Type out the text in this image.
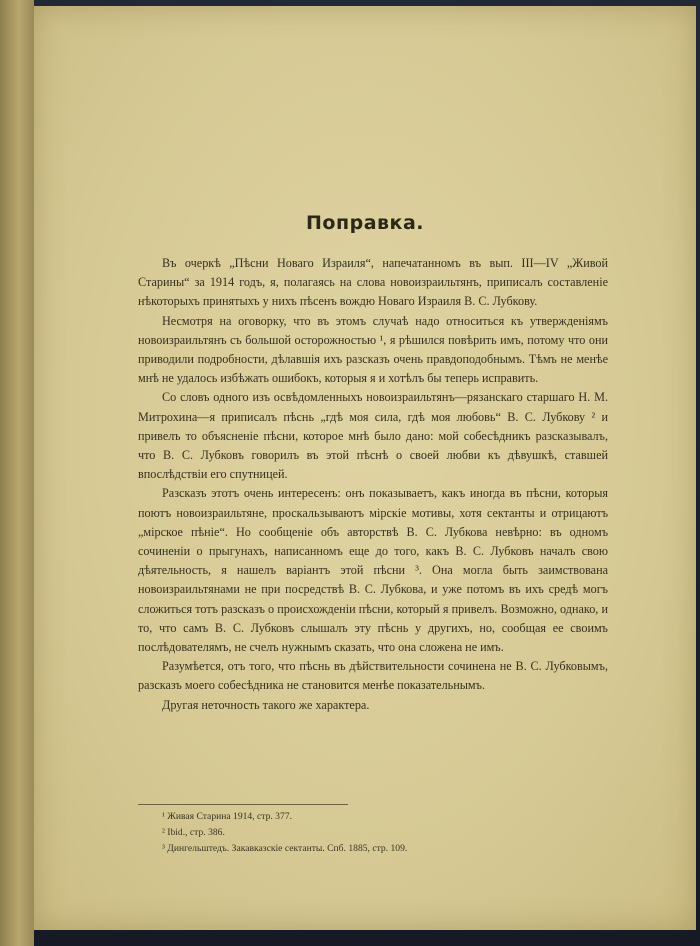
Поправка.

Въ очеркѣ „Пѣсни Новаго Израиля“, напечатанномъ въ вып. III—IV „Живой Старины“ за 1914 годъ, я, полагаясь на слова новоизраильтянъ, приписалъ составленіе нѣкоторыхъ принятыхъ у нихъ пѣсенъ вождю Новаго Израиля В. С. Лубкову.

Несмотря на оговорку, что въ этомъ случаѣ надо относиться къ утвержденіямъ новоизраильтянъ съ большой осторожностью ¹, я рѣшился повѣрить имъ, потому что они приводили подробности, дѣлавшія ихъ разсказъ очень правдоподобнымъ. Тѣмъ не менѣе мнѣ не удалось избѣжать ошибокъ, которыя я и хотѣлъ бы теперь исправить.

Со словъ одного изъ освѣдомленныхъ новоизраильтянъ—рязанскаго старшаго Н. М. Митрохина—я приписалъ пѣснь „гдѣ моя сила, гдѣ моя любовь“ В. С. Лубкову ² и привелъ то объясненіе пѣсни, которое мнѣ было дано: мой собесѣдникъ разсказывалъ, что В. С. Лубковъ говорилъ въ этой пѣснѣ о своей любви къ дѣвушкѣ, ставшей впослѣдствіи его спутницей.

Разсказъ этотъ очень интересенъ: онъ показываетъ, какъ иногда въ пѣсни, которыя поютъ новоизраильтяне, проскальзываютъ мірскіе мотивы, хотя сектанты и отрицаютъ „мірское пѣніе“. Но сообщеніе объ авторствѣ В. С. Лубкова невѣрно: въ одномъ сочиненіи о прыгунахъ, написанномъ еще до того, какъ В. С. Лубковъ началъ свою дѣятельность, я нашелъ варіантъ этой пѣсни ³. Она могла быть заимствована новоизраильтянами не при посредствѣ В. С. Лубкова, и уже потомъ въ ихъ средѣ могъ сложиться тотъ разсказъ о происхожденіи пѣсни, который я привелъ. Возможно, однако, и то, что самъ В. С. Лубковъ слышалъ эту пѣснь у другихъ, но, сообщая ее своимъ послѣдователямъ, не счелъ нужнымъ сказать, что она сложена не имъ.

Разумѣется, отъ того, что пѣснь въ дѣйствительности сочинена не В. С. Лубковымъ, разсказъ моего собесѣдника не становится менѣе показательнымъ.

Другая неточность такого же характера.

¹ Живая Старина 1914, стр. 377.
² Ibid., стр. 386.
³ Дингельштедъ. Закавказскіе сектанты. Спб. 1885, стр. 109.
